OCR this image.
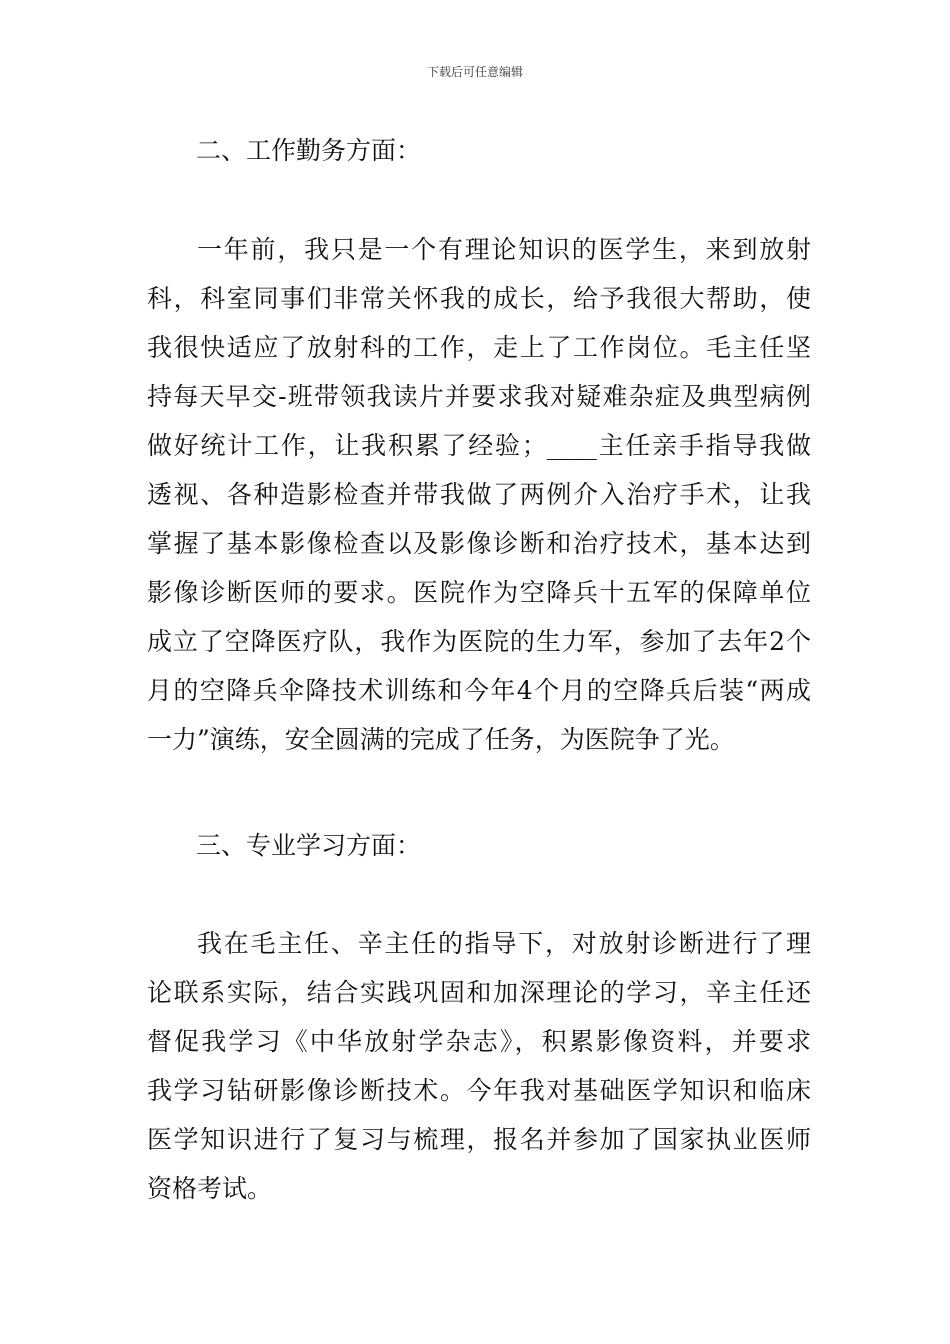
下载后可任意编辑
二、工作勤务方面：
一年前，我只是一个有理论知识的医学生，来到放射
科，科室同事们非常关怀我的成长，给予我很大帮助，使
我很快适应了放射科的工作，走上了工作岗位。毛主任坚
持每天早交-班带领我读片并要求我对疑难杂症及典型病例
做好统计工作，让我积累了经验；____主任亲手指导我做
透视、各种造影检查并带我做了两例介入治疗手术，让我
掌握了基本影像检查以及影像诊断和治疗技术，基本达到
影像诊断医师的要求。医院作为空降兵十五军的保障单位
成立了空降医疗队，我作为医院的生力军，参加了去年2个
月的空降兵伞降技术训练和今年4个月的空降兵后装“两成
一力”演练，安全圆满的完成了任务，为医院争了光。
三、专业学习方面：
我在毛主任、辛主任的指导下，对放射诊断进行了理
论联系实际，结合实践巩固和加深理论的学习，辛主任还
督促我学习《中华放射学杂志》，积累影像资料，并要求
我学习钻研影像诊断技术。今年我对基础医学知识和临床
医学知识进行了复习与梳理，报名并参加了国家执业医师
资格考试。
